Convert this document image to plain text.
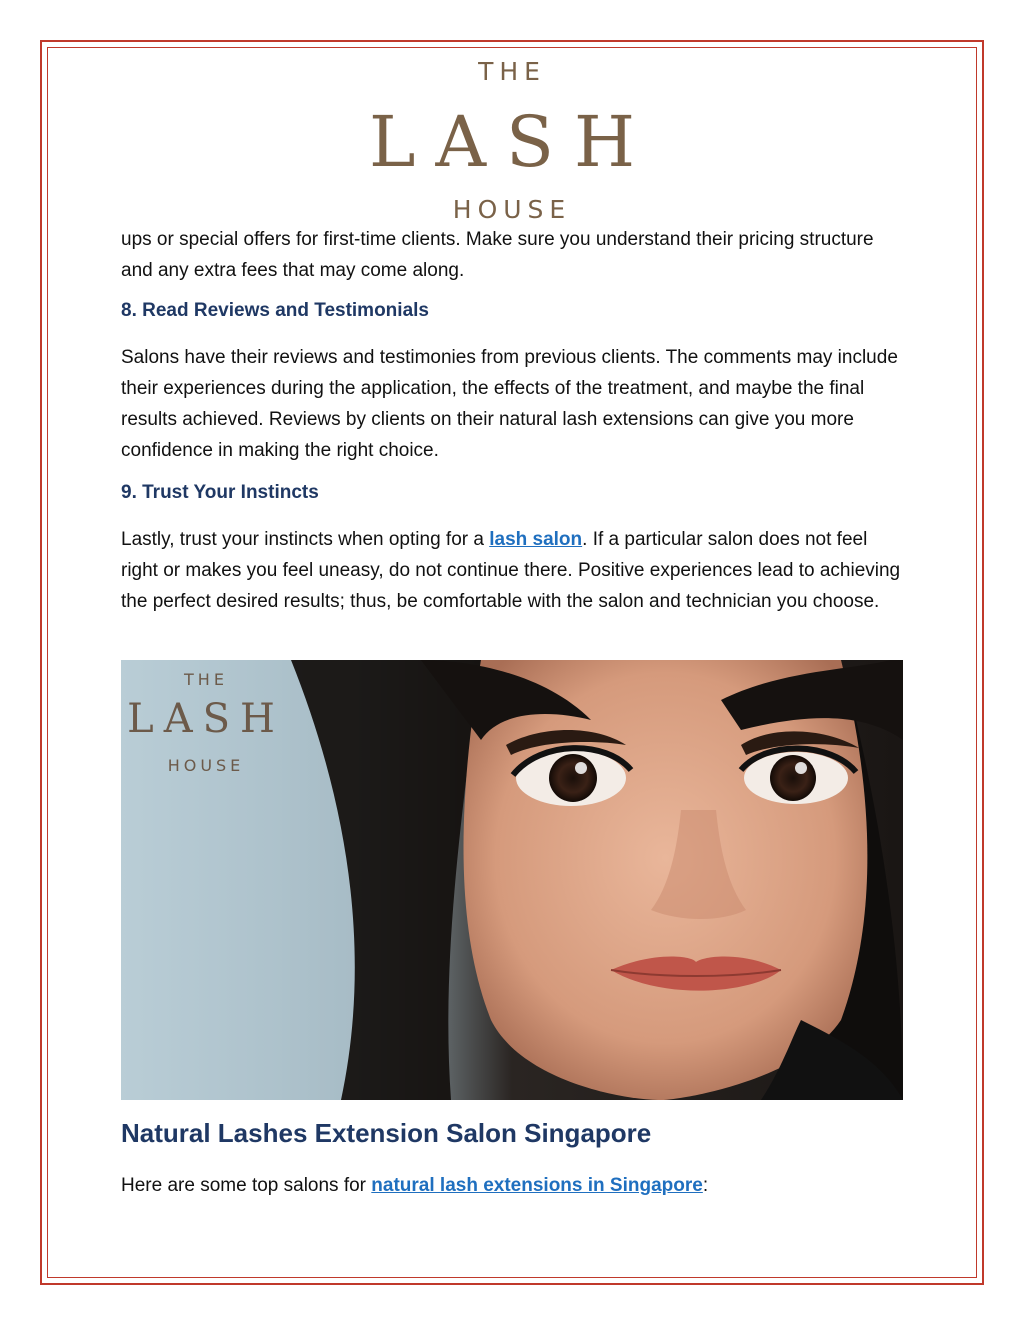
THE
LASH
HOUSE
ups or special offers for first-time clients. Make sure you understand their pricing structure and any extra fees that may come along.
8. Read Reviews and Testimonials
Salons have their reviews and testimonies from previous clients. The comments may include their experiences during the application, the effects of the treatment, and maybe the final results achieved. Reviews by clients on their natural lash extensions can give you more confidence in making the right choice.
9. Trust Your Instincts
Lastly, trust your instincts when opting for a lash salon. If a particular salon does not feel right or makes you feel uneasy, do not continue there. Positive experiences lead to achieving the perfect desired results; thus, be comfortable with the salon and technician you choose.
THE
LASH
HOUSE
Natural Lashes Extension Salon Singapore
Here are some top salons for natural lash extensions in Singapore:
